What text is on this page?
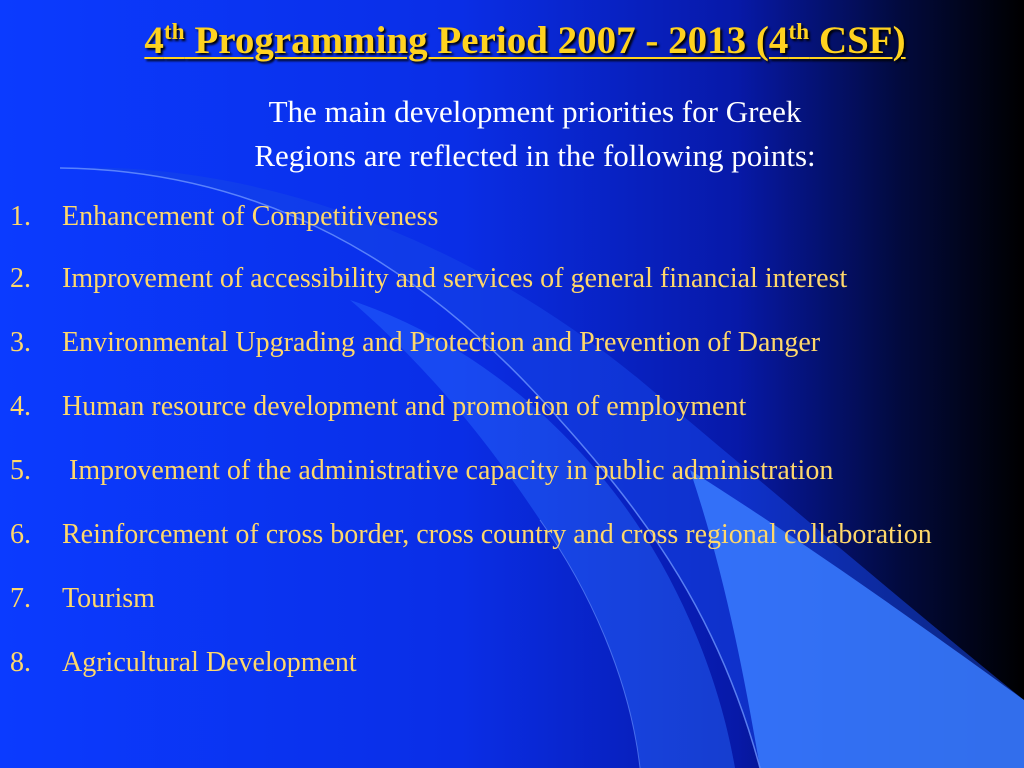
4th Programming Period 2007 - 2013 (4th CSF)
The main development priorities for Greek
Regions are reflected in the following points:
1.	Enhancement of Competitiveness
2.	Improvement of accessibility and services of general financial interest
3.	Environmental Upgrading and Protection and Prevention of Danger
4.	Human resource development and promotion of employment
5.	Improvement of the administrative capacity in public administration
6.	Reinforcement of cross border, cross country and cross regional collaboration
7.	Tourism
8.	Agricultural Development
